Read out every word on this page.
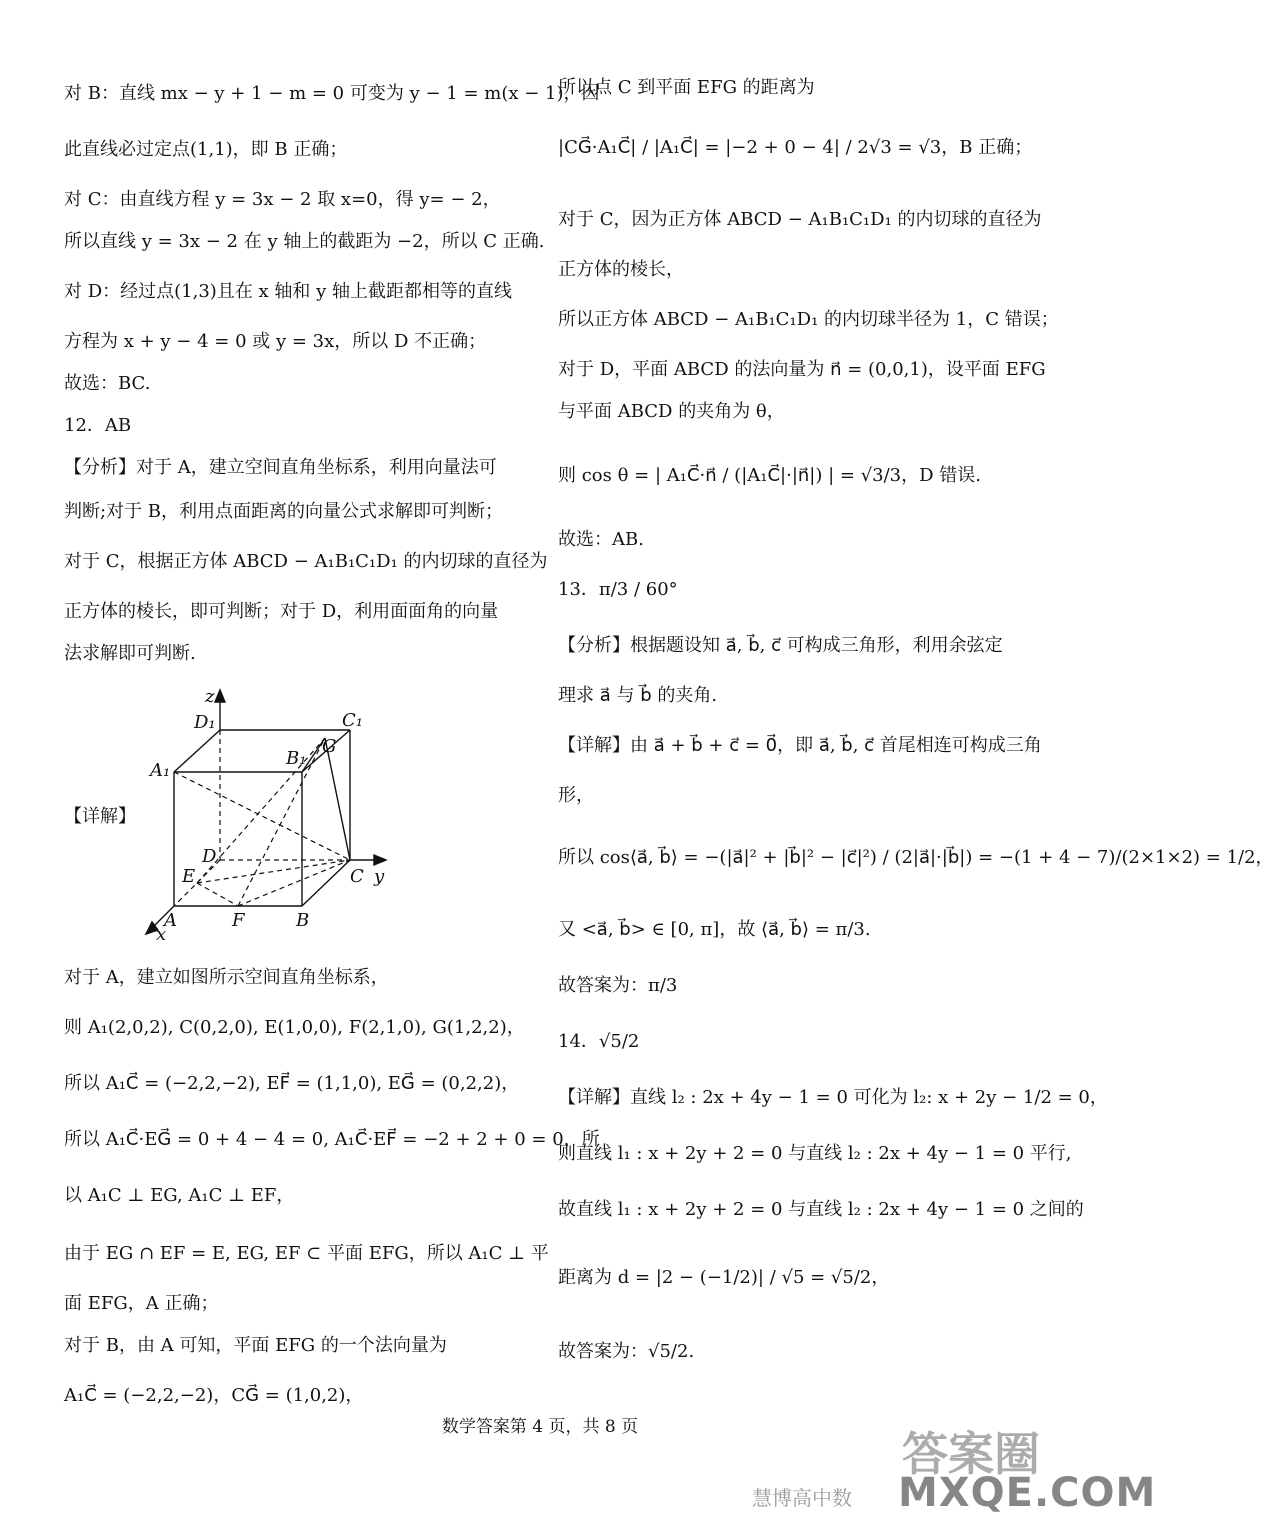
对 B：直线 mx − y + 1 − m = 0 可变为 y − 1 = m(x − 1)，因
此直线必过定点(1,1)，即 B 正确；
对 C：由直线方程 y = 3x − 2 取 x=0，得 y= − 2，
所以直线 y = 3x − 2 在 y 轴上的截距为 −2，所以 C 正确.
对 D：经过点(1,3)且在 x 轴和 y 轴上截距都相等的直线
方程为 x + y − 4 = 0 或 y = 3x，所以 D 不正确；
故选：BC.
12．AB
【分析】对于 A，建立空间直角坐标系，利用向量法可
判断;对于 B，利用点面距离的向量公式求解即可判断；
对于 C，根据正方体 ABCD − A₁B₁C₁D₁ 的内切球的直径为
正方体的棱长，即可判断；对于 D，利用面面角的向量
法求解即可判断.
【详解】
z
D₁	C₁
A₁
B₁
G
D
E	C y
A	F	B
x
对于 A，建立如图所示空间直角坐标系，
则 A₁(2,0,2), C(0,2,0), E(1,0,0), F(2,1,0), G(1,2,2)，
所以 A₁C⃗ = (−2,2,−2), EF⃗ = (1,1,0), EG⃗ = (0,2,2)，
所以 A₁C⃗·EG⃗ = 0 + 4 − 4 = 0, A₁C⃗·EF⃗ = −2 + 2 + 0 = 0，所
以 A₁C ⊥ EG, A₁C ⊥ EF，
由于 EG ∩ EF = E, EG, EF ⊂ 平面 EFG，所以 A₁C ⊥ 平
面 EFG，A 正确；
对于 B，由 A 可知，平面 EFG 的一个法向量为
A₁C⃗ = (−2,2,−2)，CG⃗ = (1,0,2)，
所以点 C 到平面 EFG 的距离为
|CG⃗·A₁C⃗| / |A₁C⃗| = |−2 + 0 − 4| / 2√3 = √3，B 正确；
对于 C，因为正方体 ABCD − A₁B₁C₁D₁ 的内切球的直径为
正方体的棱长，
所以正方体 ABCD − A₁B₁C₁D₁ 的内切球半径为 1，C 错误；
对于 D，平面 ABCD 的法向量为 n⃗ = (0,0,1)，设平面 EFG
与平面 ABCD 的夹角为 θ，
则 cos θ = | A₁C⃗·n⃗ / (|A₁C⃗|·|n⃗|) | = √3/3，D 错误.
故选：AB.
13．π/3 / 60°
【分析】根据题设知 a⃗, b⃗, c⃗ 可构成三角形，利用余弦定
理求 a⃗ 与 b⃗ 的夹角.
【详解】由 a⃗ + b⃗ + c⃗ = 0⃗，即 a⃗, b⃗, c⃗ 首尾相连可构成三角
形，
所以 cos⟨a⃗, b⃗⟩ = −(|a⃗|² + |b⃗|² − |c⃗|²) / (2|a⃗|·|b⃗|) = −(1 + 4 − 7)/(2×1×2) = 1/2，
又 <a⃗, b⃗> ∈ [0, π]，故 ⟨a⃗, b⃗⟩ = π/3.
故答案为：π/3
14．√5/2
【详解】直线 l₂ : 2x + 4y − 1 = 0 可化为 l₂: x + 2y − 1/2 = 0，
则直线 l₁ : x + 2y + 2 = 0 与直线 l₂ : 2x + 4y − 1 = 0 平行,
故直线 l₁ : x + 2y + 2 = 0 与直线 l₂ : 2x + 4y − 1 = 0 之间的
距离为 d = |2 − (−1/2)| / √5 = √5/2，
故答案为：√5/2.
数学答案第 4 页，共 8 页	答案圈
慧博高中数 MXQE.COM
